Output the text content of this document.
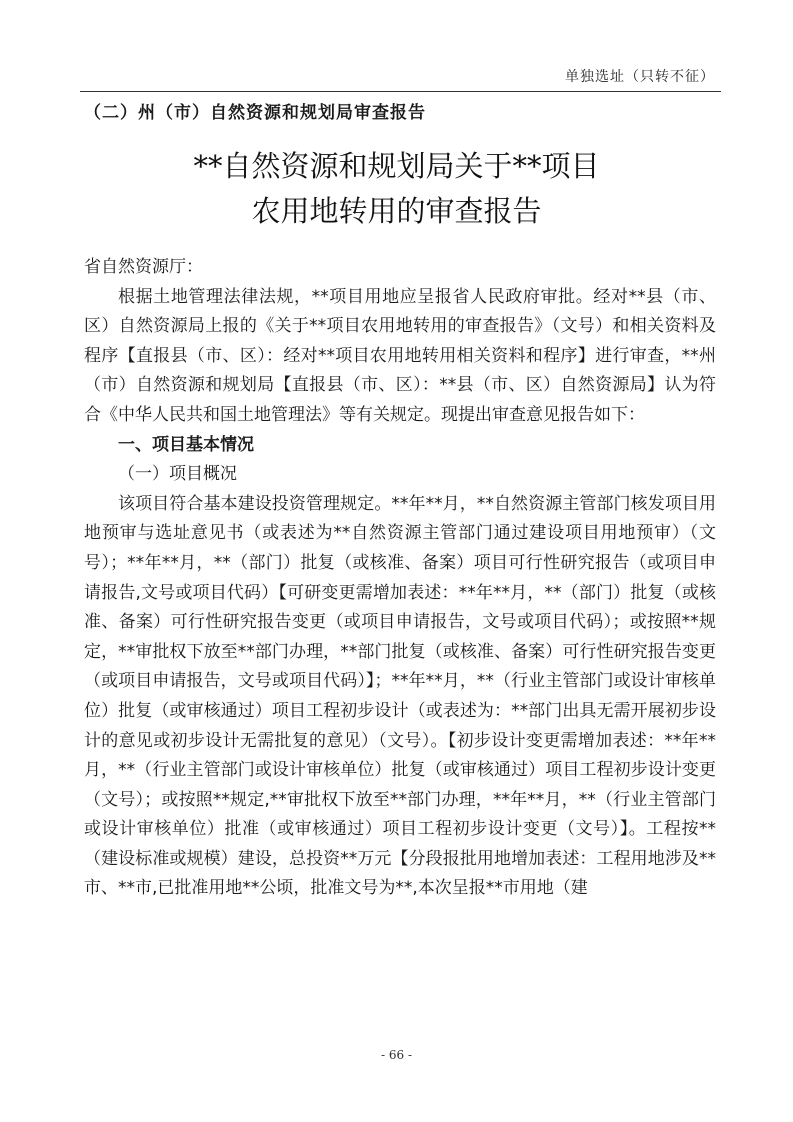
单独选址（只转不征）
（二）州（市）自然资源和规划局审查报告
**自然资源和规划局关于**项目
农用地转用的审查报告

省自然资源厅：

根据土地管理法律法规，**项目用地应呈报省人民政府审批。经对**县（市、区）自然资源局上报的《关于**项目农用地转用的审查报告》（文号）和相关资料及程序【直报县（市、区）：经对**项目农用地转用相关资料和程序】进行审查，**州（市）自然资源和规划局【直报县（市、区）：**县（市、区）自然资源局】认为符合《中华人民共和国土地管理法》等有关规定。现提出审查意见报告如下：

一、项目基本情况

（一）项目概况

该项目符合基本建设投资管理规定。**年**月，**自然资源主管部门核发项目用地预审与选址意见书（或表述为**自然资源主管部门通过建设项目用地预审）（文号）；**年**月，**（部门）批复（或核准、备案）项目可行性研究报告（或项目申请报告,文号或项目代码）【可研变更需增加表述：**年**月，**（部门）批复（或核准、备案）可行性研究报告变更（或项目申请报告，文号或项目代码）；或按照**规定，**审批权下放至**部门办理，**部门批复（或核准、备案）可行性研究报告变更（或项目申请报告，文号或项目代码）】；**年**月，**（行业主管部门或设计审核单位）批复（或审核通过）项目工程初步设计（或表述为：**部门出具无需开展初步设计的意见或初步设计无需批复的意见）（文号）。【初步设计变更需增加表述：**年**月，**（行业主管部门或设计审核单位）批复（或审核通过）项目工程初步设计变更（文号）；或按照**规定,**审批权下放至**部门办理，**年**月，**（行业主管部门或设计审核单位）批准（或审核通过）项目工程初步设计变更（文号）】。工程按**（建设标准或规模）建设，总投资**万元【分段报批用地增加表述：工程用地涉及**市、**市,已批准用地**公顷，批准文号为**,本次呈报**市用地（建

- 66 -
